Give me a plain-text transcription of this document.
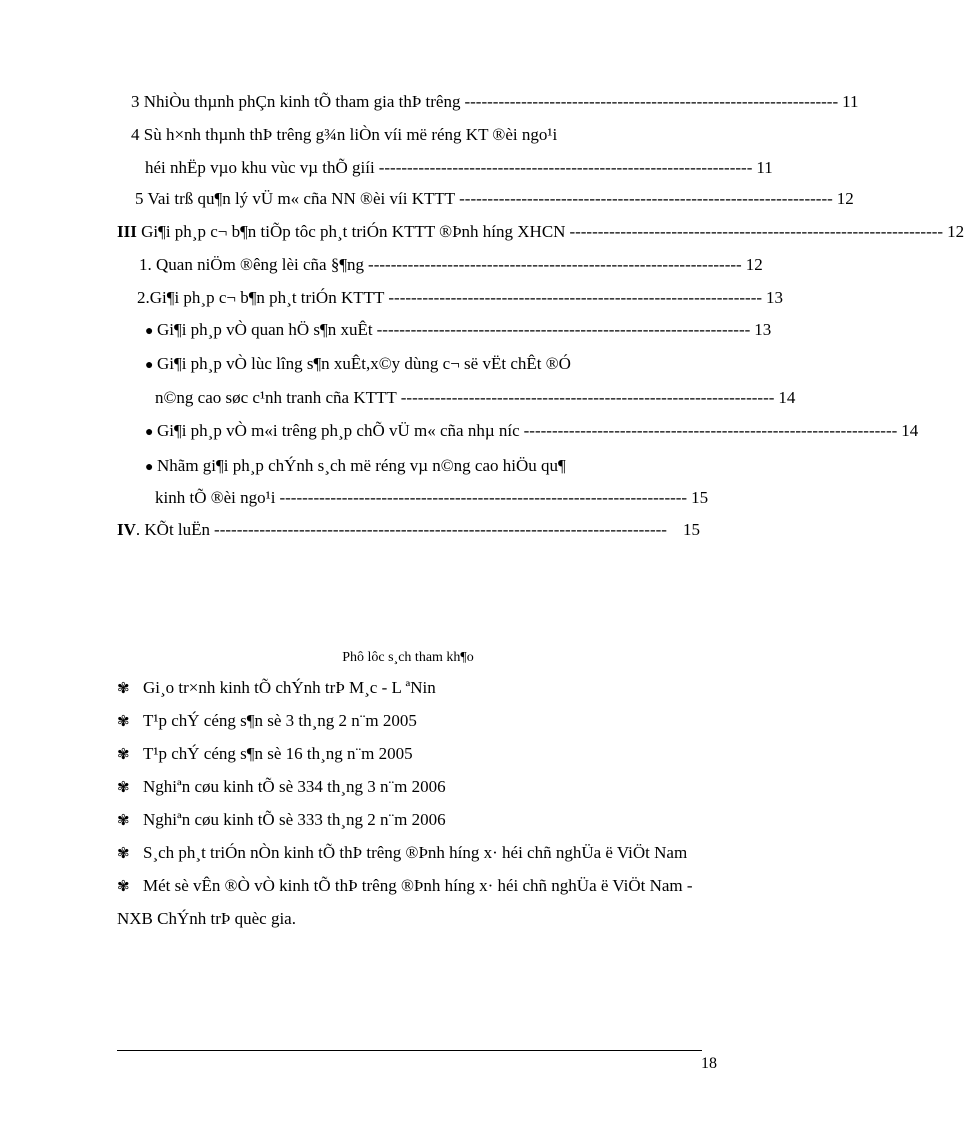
3 NhiÒu thµnh phÇn kinh tÕ tham gia thÞ trêng ------------------------------------------------------------------ 11
4 Sù h×nh thµnh thÞ trêng g¾n liÒn víi më réng KT ®èi ngo¹i
héi nhËp vµo khu vùc vµ thÕ giíi ------------------------------------------------------------------ 11
5 Vai trß qu¶n lý vÜ m« cña NN ®èi víi KTTT ------------------------------------------------------------------ 12
III Gi¶i ph¸p c¬ b¶n tiÕp tôc ph¸t triÓn KTTT ®Þnh híng XHCN ------------------------------------------------------------------ 12
1. Quan niÖm ®êng lèi cña §¶ng ------------------------------------------------------------------ 12
2.Gi¶i ph¸p c¬ b¶n ph¸t triÓn KTTT ------------------------------------------------------------------ 13
● Gi¶i ph¸p vÒ quan hÖ s¶n xuÊt ------------------------------------------------------------------ 13
● Gi¶i ph¸p vÒ lùc lîng s¶n xuÊt,x©y dùng c¬ së vËt chÊt ®Ó
n©ng cao søc c¹nh tranh cña KTTT ------------------------------------------------------------------ 14
● Gi¶i ph¸p vÒ m«i trêng ph¸p chÕ vÜ m« cña nhµ níc ------------------------------------------------------------------ 14
● Nhãm gi¶i ph¸p chÝnh s¸ch më réng vµ n©ng cao hiÖu qu¶
kinh tÕ ®èi ngo¹i ------------------------------------------------------------------------ 15
IV. KÕt luËn -------------------------------------------------------------------------------- 15
Phô lôc s¸ch tham kh¶o
✾ Gi¸o tr×nh kinh tÕ chÝnh trÞ M¸c - L ªNin
✾ T¹p chÝ céng s¶n sè 3 th¸ng 2 n¨m 2005
✾ T¹p chÝ céng s¶n sè 16 th¸ng n¨m 2005
✾ Nghiªn cøu kinh tÕ sè 334 th¸ng 3 n¨m 2006
✾ Nghiªn cøu kinh tÕ sè 333 th¸ng 2 n¨m 2006
✾ S¸ch ph¸t triÓn nÒn kinh tÕ thÞ trêng ®Þnh híng x· héi chñ nghÜa ë ViÖt Nam
✾ Mét sè vÊn ®Ò vÒ kinh tÕ thÞ trêng ®Þnh híng x· héi chñ nghÜa ë ViÖt Nam - NXB ChÝnh trÞ quèc gia.
18
